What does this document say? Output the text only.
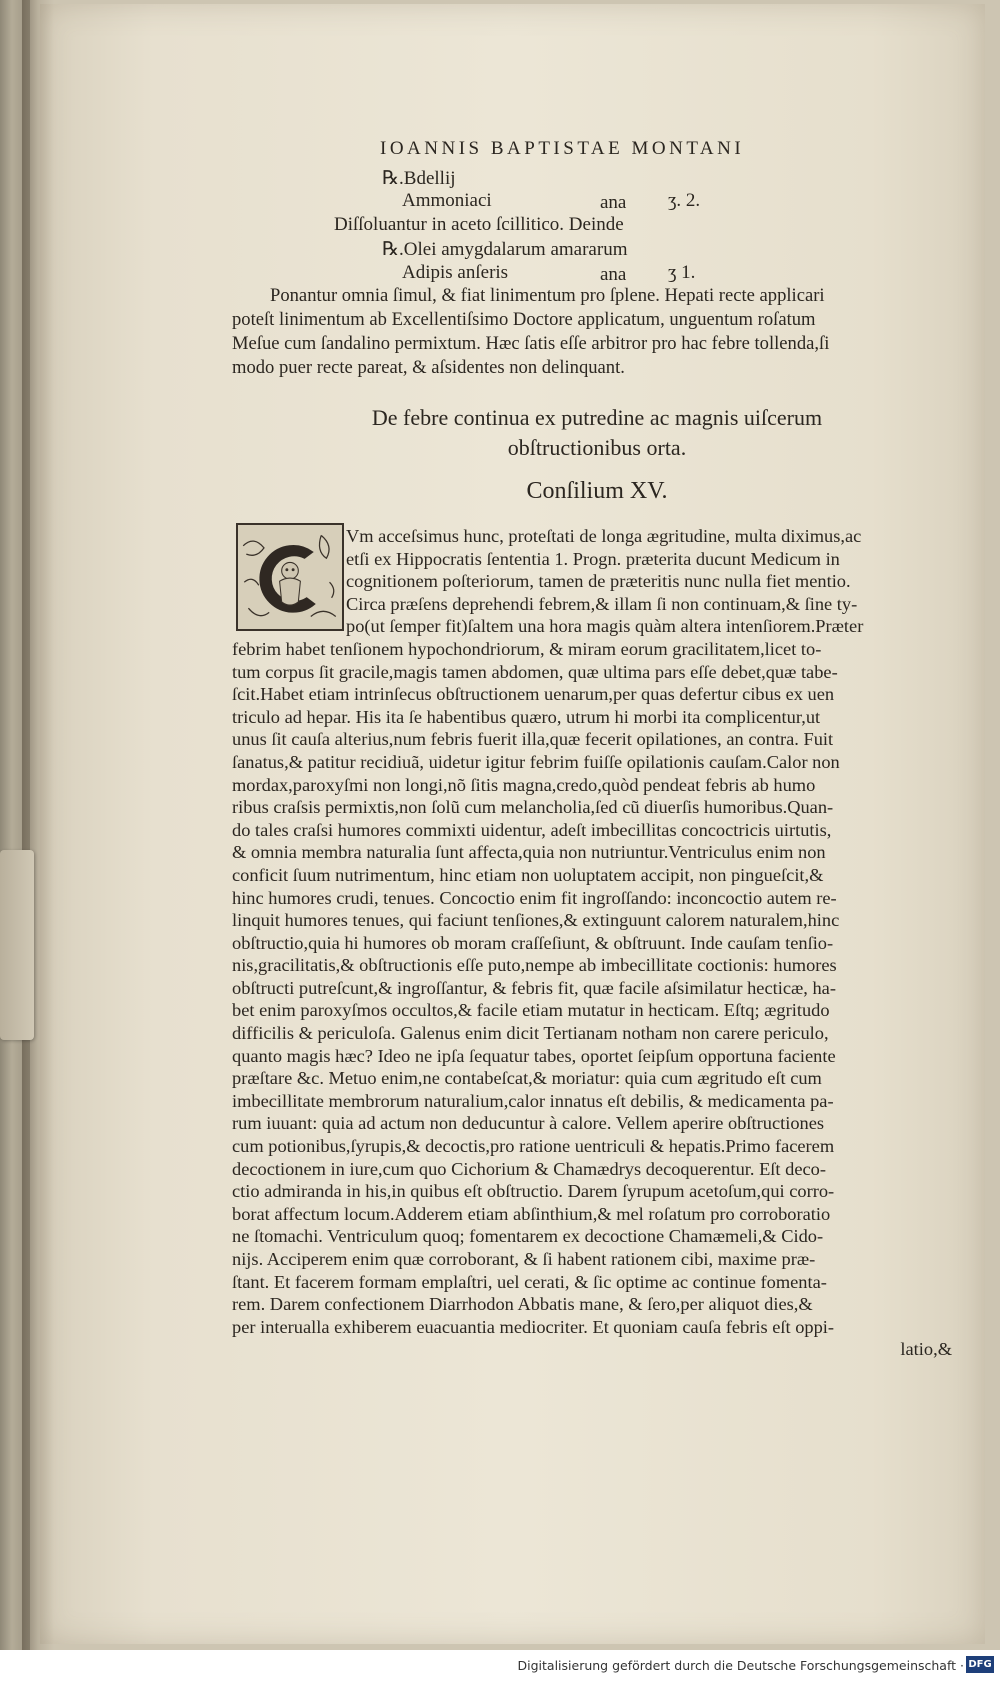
IOANNIS BAPTISTAE MONTANI
℞.Bdellij
Ammoniaci	ana ʒ. 2.
Diſſoluantur in aceto ſcillitico. Deinde
℞.Olei amygdalarum amararum
Adipis anſeris	ana ʒ 1.
Ponantur omnia ſimul, & fiat linimentum pro ſplene. Hepati recte applicari
poteſt linimentum ab Excellentiſsimo Doctore applicatum, unguentum roſatum
Meſue cum ſandalino permixtum. Hæc ſatis eſſe arbitror pro hac febre tollenda,ſi
modo puer recte pareat, & aſsidentes non delinquant.
De febre continua ex putredine ac magnis uiſcerum
obſtructionibus orta.
Conſilium XV.
Vm acceſsimus hunc, proteſtati de longa ægritudine, multa diximus,ac
etſi ex Hippocratis ſententia 1. Progn. præterita ducunt Medicum in
cognitionem poſteriorum, tamen de præteritis nunc nulla fiet mentio.
Circa præſens deprehendi febrem,& illam ſi non continuam,& ſine ty-
po(ut ſemper fit)ſaltem una hora magis quàm altera intenſiorem.Præter
febrim habet tenſionem hypochondriorum, & miram eorum gracilitatem,licet to-
tum corpus ſit gracile,magis tamen abdomen, quæ ultima pars eſſe debet,quæ tabe-
ſcit.Habet etiam intrinſecus obſtructionem uenarum,per quas defertur cibus ex uen
triculo ad hepar. His ita ſe habentibus quæro, utrum hi morbi ita complicentur,ut
unus ſit cauſa alterius,num febris fuerit illa,quæ fecerit opilationes, an contra. Fuit
ſanatus,& patitur recidiuã, uidetur igitur febrim fuiſſe opilationis cauſam.Calor non
mordax,paroxyſmi non longi,nõ ſitis magna,credo,quòd pendeat febris ab humo
ribus craſsis permixtis,non ſolũ cum melancholia,ſed cũ diuerſis humoribus.Quan-
do tales craſsi humores commixti uidentur, adeſt imbecillitas concoctricis uirtutis,
& omnia membra naturalia ſunt affecta,quia non nutriuntur.Ventriculus enim non
conficit ſuum nutrimentum, hinc etiam non uoluptatem accipit, non pingueſcit,&
hinc humores crudi, tenues. Concoctio enim fit ingroſſando: inconcoctio autem re-
linquit humores tenues, qui faciunt tenſiones,& extinguunt calorem naturalem,hinc
obſtructio,quia hi humores ob moram craſſeſiunt, & obſtruunt. Inde cauſam tenſio-
nis,gracilitatis,& obſtructionis eſſe puto,nempe ab imbecillitate coctionis: humores
obſtructi putreſcunt,& ingroſſantur, & febris fit, quæ facile aſsimilatur hecticæ, ha-
bet enim paroxyſmos occultos,& facile etiam mutatur in hecticam. Eſtq; ægritudo
difficilis & periculoſa. Galenus enim dicit Tertianam notham non carere periculo,
quanto magis hæc? Ideo ne ipſa ſequatur tabes, oportet ſeipſum opportuna faciente
præſtare &c. Metuo enim,ne contabeſcat,& moriatur: quia cum ægritudo eſt cum
imbecillitate membrorum naturalium,calor innatus eſt debilis, & medicamenta pa-
rum iuuant: quia ad actum non deducuntur à calore. Vellem aperire obſtructiones
cum potionibus,ſyrupis,& decoctis,pro ratione uentriculi & hepatis.Primo facerem
decoctionem in iure,cum quo Cichorium & Chamædrys decoquerentur. Eſt deco-
ctio admiranda in his,in quibus eſt obſtructio. Darem ſyrupum acetoſum,qui corro-
borat affectum locum.Adderem etiam abſinthium,& mel roſatum pro corroboratio
ne ſtomachi. Ventriculum quoq; fomentarem ex decoctione Chamæmeli,& Cido-
nijs. Acciperem enim quæ corroborant, & ſi habent rationem cibi, maxime præ-
ſtant. Et facerem formam emplaſtri, uel cerati, & ſic optime ac continue fomenta-
rem. Darem confectionem Diarrhodon Abbatis mane, & ſero,per aliquot dies,&
per interualla exhiberem euacuantia mediocriter. Et quoniam cauſa febris eſt oppi-
latio,&
Digitalisierung gefördert durch die Deutsche Forschungsgemeinschaft · DFG
